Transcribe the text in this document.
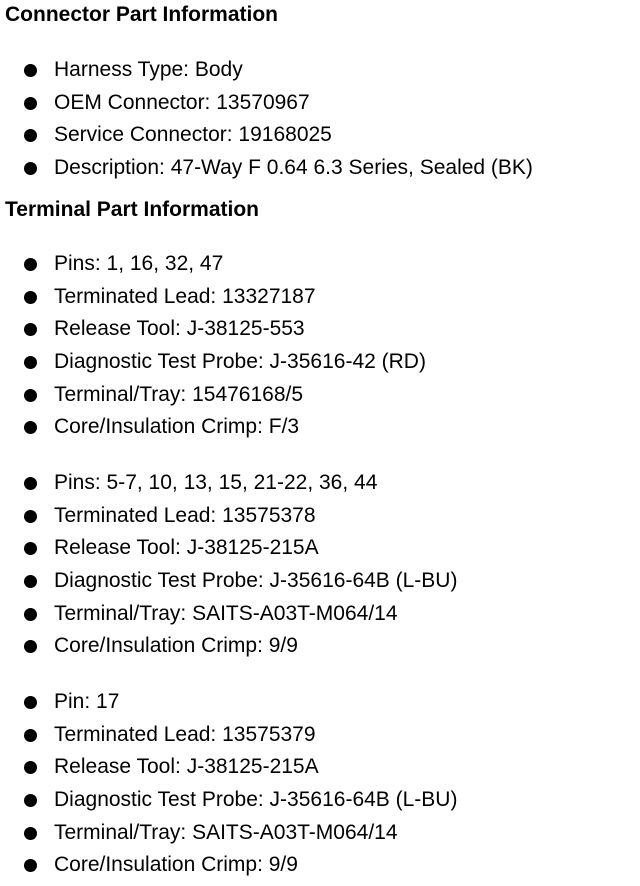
Connector Part Information
Harness Type: Body
OEM Connector: 13570967
Service Connector: 19168025
Description: 47-Way F 0.64 6.3 Series, Sealed (BK)
Terminal Part Information
Pins: 1, 16, 32, 47
Terminated Lead: 13327187
Release Tool: J-38125-553
Diagnostic Test Probe: J-35616-42 (RD)
Terminal/Tray: 15476168/5
Core/Insulation Crimp: F/3
Pins: 5-7, 10, 13, 15, 21-22, 36, 44
Terminated Lead: 13575378
Release Tool: J-38125-215A
Diagnostic Test Probe: J-35616-64B (L-BU)
Terminal/Tray: SAITS-A03T-M064/14
Core/Insulation Crimp: 9/9
Pin: 17
Terminated Lead: 13575379
Release Tool: J-38125-215A
Diagnostic Test Probe: J-35616-64B (L-BU)
Terminal/Tray: SAITS-A03T-M064/14
Core/Insulation Crimp: 9/9
